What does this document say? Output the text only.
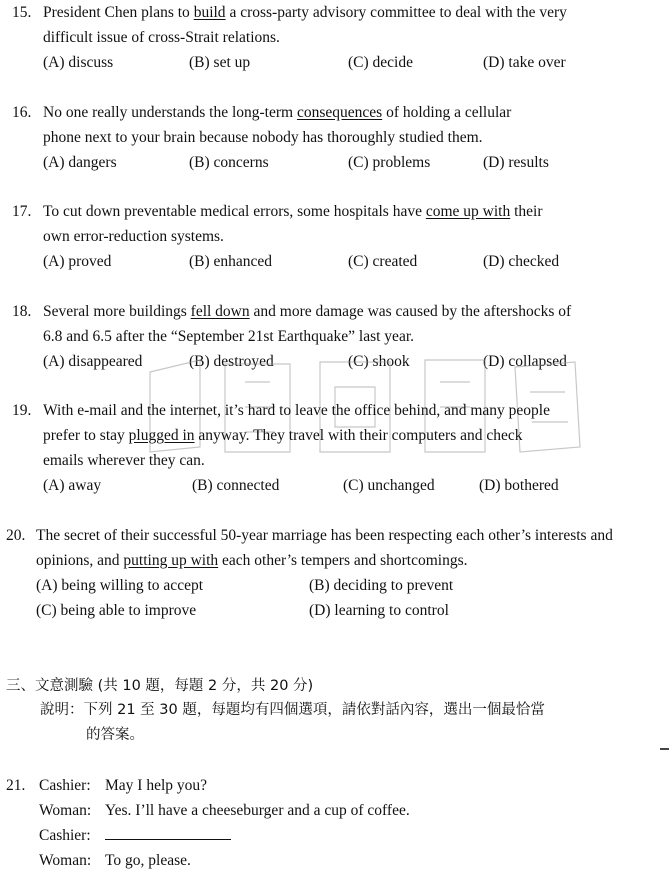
15. President Chen plans to build a cross-party advisory committee to deal with the very
difficult issue of cross-Strait relations.
(A) discuss	(B) set up	(C) decide	(D) take over
16. No one really understands the long-term consequences of holding a cellular
phone next to your brain because nobody has thoroughly studied them.
(A) dangers	(B) concerns	(C) problems	(D) results
17. To cut down preventable medical errors, some hospitals have come up with their
own error-reduction systems.
(A) proved	(B) enhanced	(C) created	(D) checked
18. Several more buildings fell down and more damage was caused by the aftershocks of
6.8 and 6.5 after the “September 21st Earthquake” last year.
(A) disappeared	(B) destroyed	(C) shook	(D) collapsed
19. With e-mail and the internet, it’s hard to leave the office behind, and many people
prefer to stay plugged in anyway. They travel with their computers and check
emails wherever they can.
(A) away	(B) connected	(C) unchanged	(D) bothered
20. The secret of their successful 50-year marriage has been respecting each other’s interests and
opinions, and putting up with each other’s tempers and shortcomings.
(A) being willing to accept	(B) deciding to prevent
(C) being able to improve	(D) learning to control
三、文意測驗 (共 10 題，每題 2 分，共 20 分)
說明：下列 21 至 30 題，每題均有四個選項，請依對話內容，選出一個最恰當
的答案。
21. Cashier: May I help you?
Woman: Yes. I’ll have a cheeseburger and a cup of coffee.
Cashier:
Woman: To go, please.
